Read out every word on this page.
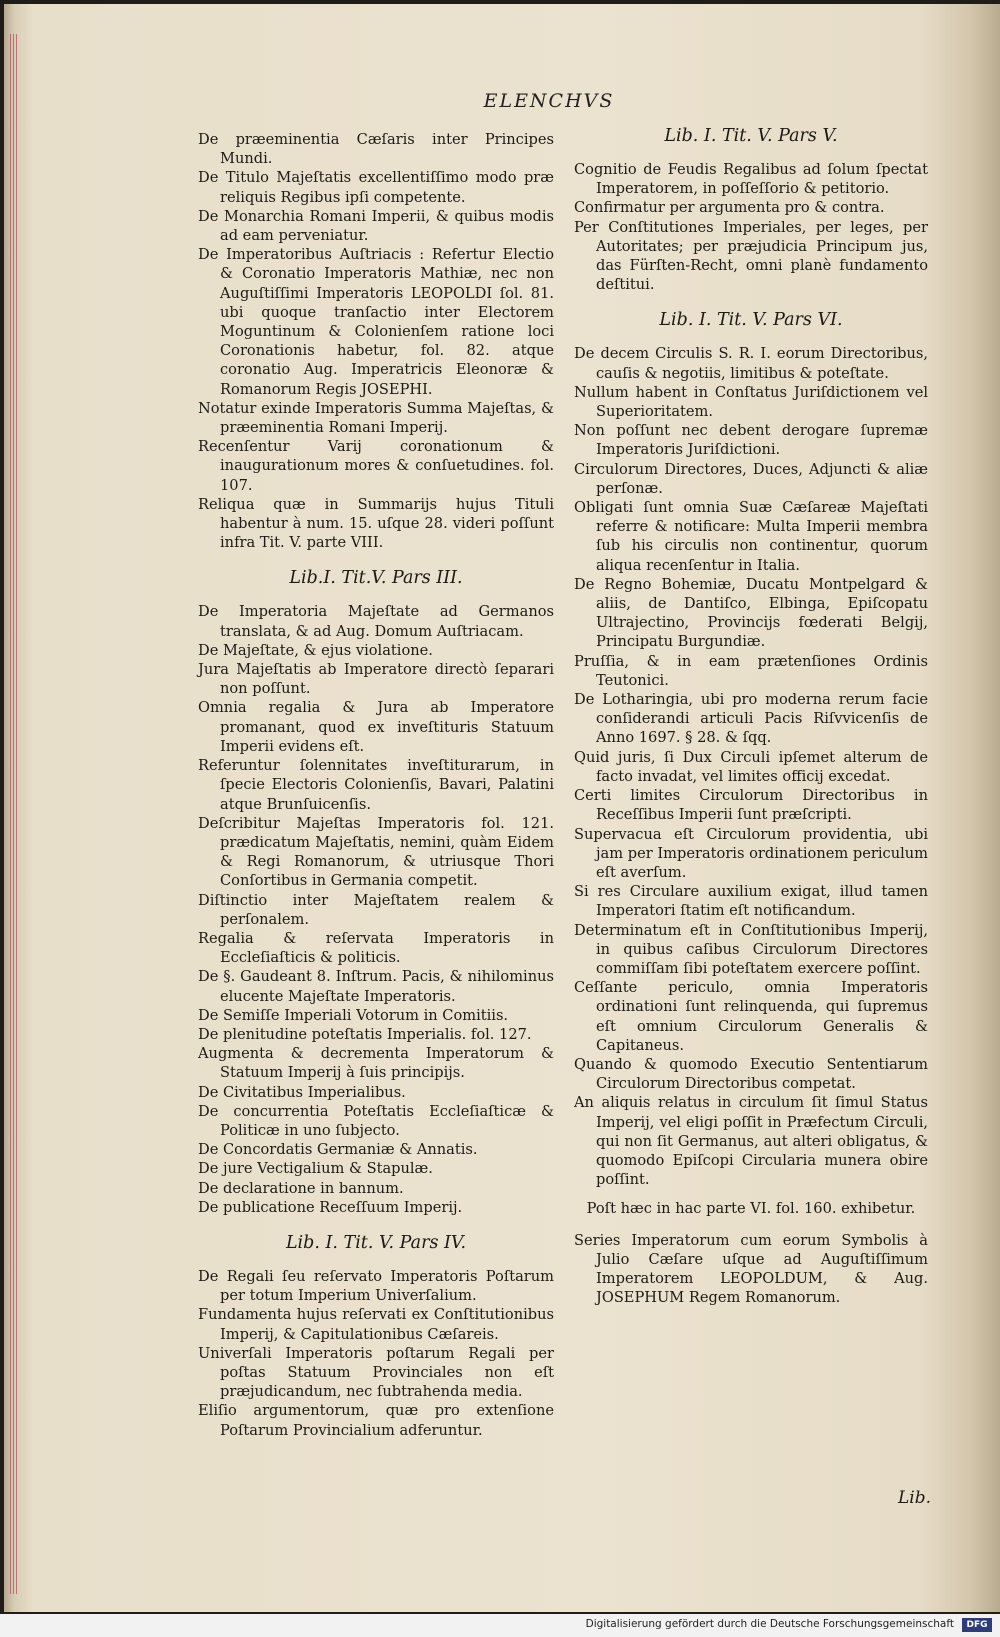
ELENCHVS

De præeminentia Cæſaris inter Principes Mundi.

De Titulo Majeſtatis excellentiſſimo modo præ reliquis Regibus ipſi competente.

De Monarchia Romani Imperii, & quibus modis ad eam perveniatur.

De Imperatoribus Auſtriacis : Refertur Electio & Coronatio Imperatoris Mathiæ, nec non Auguſtiſſimi Imperatoris LEOPOLDI ſol. 81. ubi quoque tranſactio inter Electorem Moguntinum & Colonienſem ratione loci Coronationis habetur, fol. 82. atque coronatio Aug. Imperatricis Eleonoræ & Romanorum Regis JOSEPHI.

Notatur exinde Imperatoris Summa Majeſtas, & præeminentia Romani Imperij.

Recenſentur Varij coronationum & inaugurationum mores & conſuetudines. fol. 107.

Reliqua quæ in Summarijs hujus Tituli habentur à num. 15. uſque 28. videri poſſunt infra Tit. V. parte VIII.

Lib.I. Tit.V. Pars III.

De Imperatoria Majeſtate ad Germanos translata, & ad Aug. Domum Auſtriacam.

De Majeſtate, & ejus violatione.

Jura Majeſtatis ab Imperatore directò ſeparari non poſſunt.

Omnia regalia & Jura ab Imperatore promanant, quod ex inveſtituris Statuum Imperii evidens eſt.

Referuntur ſolennitates inveſtiturarum, in ſpecie Electoris Colonienſis, Bavari, Palatini atque Brunſuicenſis.

Deſcribitur Majeſtas Imperatoris fol. 121. prædicatum Majeſtatis, nemini, quàm Eidem & Regi Romanorum, & utriusque Thori Conſortibus in Germania competit.

Diſtinctio inter Majeſtatem realem & perſonalem.

Regalia & reſervata Imperatoris in Eccleſiaſticis & politicis.

De §. Gaudeant 8. Inſtrum. Pacis, & nihilominus elucente Majeſtate Imperatoris.

De Semiſſe Imperiali Votorum in Comitiis.

De plenitudine poteſtatis Imperialis. fol. 127.

Augmenta & decrementa Imperatorum & Statuum Imperij à ſuis principijs.

De Civitatibus Imperialibus.

De concurrentia Poteſtatis Eccleſiaſticæ & Politicæ in uno ſubjecto.

De Concordatis Germaniæ & Annatis.

De jure Vectigalium & Stapulæ.

De declaratione in bannum.

De publicatione Receſſuum Imperij.

Lib. I. Tit. V. Pars IV.

De Regali ſeu reſervato Imperatoris Poſtarum per totum Imperium Univerſalium.

Fundamenta hujus reſervati ex Conſtitutionibus Imperij, & Capitulationibus Cæſareis.

Univerſali Imperatoris poſtarum Regali per poſtas Statuum Provinciales non eſt præjudicandum, nec ſubtrahenda media.

Eliſio argumentorum, quæ pro extenſione Poſtarum Provincialium adferuntur.

Lib. I. Tit. V. Pars V.

Cognitio de Feudis Regalibus ad ſolum ſpectat Imperatorem, in poſſeſſorio & petitorio.

Confirmatur per argumenta pro & contra.

Per Conſtitutiones Imperiales, per leges, per Autoritates; per præjudicia Principum jus, das Fürſten-Recht, omni planè fundamento deſtitui.

Lib. I. Tit. V. Pars VI.

De decem Circulis S. R. I. eorum Directoribus, cauſis & negotiis, limitibus & poteſtate.

Nullum habent in Conſtatus Juriſdictionem vel Superioritatem.

Non poſſunt nec debent derogare ſupremæ Imperatoris Juriſdictioni.

Circulorum Directores, Duces, Adjuncti & aliæ perſonæ.

Obligati ſunt omnia Suæ Cæſareæ Majeſtati referre & notificare: Multa Imperii membra ſub his circulis non continentur, quorum aliqua recenſentur in Italia.

De Regno Bohemiæ, Ducatu Montpelgard & aliis, de Dantiſco, Elbinga, Epiſcopatu Ultrajectino, Provincijs fœderati Belgij, Principatu Burgundiæ.

Pruſſia, & in eam prætenſiones Ordinis Teutonici.

De Lotharingia, ubi pro moderna rerum facie conſiderandi articuli Pacis Riſvvicenſis de Anno 1697. § 28. & ſqq.

Quid juris, ſi Dux Circuli ipſemet alterum de facto invadat, vel limites officij excedat.

Certi limites Circulorum Directoribus in Receſſibus Imperii ſunt præſcripti.

Supervacua eſt Circulorum providentia, ubi jam per Imperatoris ordinationem periculum eſt averſum.

Si res Circulare auxilium exigat, illud tamen Imperatori ſtatim eſt notificandum.

Determinatum eſt in Conſtitutionibus Imperij, in quibus caſibus Circulorum Directores commiſſam ſibi poteſtatem exercere poſſint.

Ceſſante periculo, omnia Imperatoris ordinationi ſunt relinquenda, qui ſupremus eſt omnium Circulorum Generalis & Capitaneus.

Quando & quomodo Executio Sententiarum Circulorum Directoribus competat.

An aliquis relatus in circulum ſit ſimul Status Imperij, vel eligi poſſit in Præfectum Circuli, qui non ſit Germanus, aut alteri obligatus, & quomodo Epiſcopi Circularia munera obire poſſint.

Poſt hæc in hac parte VI. fol. 160. exhibetur.

Series Imperatorum cum eorum Symbolis à Julio Cæſare uſque ad Auguſtiſſimum Imperatorem LEOPOLDUM, & Aug. JOSEPHUM Regem Romanorum.

Lib.
Digitalisierung gefördert durch die Deutsche Forschungsgemeinschaft	DFG
